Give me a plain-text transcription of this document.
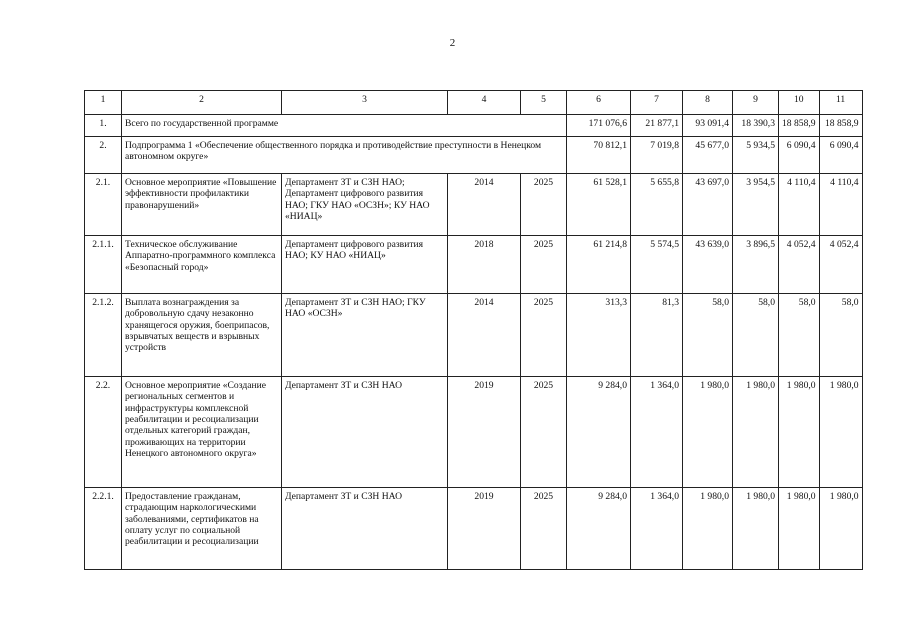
2
1	2	3	4	5	6	7	8	9	10	11
1.	Всего по государственной программе				171 076,6	21 877,1	93 091,4	18 390,3	18 858,9	18 858,9
2.	Подпрограмма 1 «Обеспечение общественного порядка и противодействие преступности в Ненецком автономном округе»				70 812,1	7 019,8	45 677,0	5 934,5	6 090,4	6 090,4
2.1.	Основное мероприятие «Повышение эффективности профилактики правонарушений»	Департамент ЗТ и СЗН НАО; Департамент цифрового развития НАО; ГКУ НАО «ОСЗН»; КУ НАО «НИАЦ»	2014	2025	61 528,1	5 655,8	43 697,0	3 954,5	4 110,4	4 110,4
2.1.1.	Техническое обслуживание Аппаратно-программного комплекса «Безопасный город»	Департамент цифрового развития НАО; КУ НАО «НИАЦ»	2018	2025	61 214,8	5 574,5	43 639,0	3 896,5	4 052,4	4 052,4
2.1.2.	Выплата вознаграждения за добровольную сдачу незаконно хранящегося оружия, боеприпасов, взрывчатых веществ и взрывных устройств	Департамент ЗТ и СЗН НАО; ГКУ НАО «ОСЗН»	2014	2025	313,3	81,3	58,0	58,0	58,0	58,0
2.2.	Основное мероприятие «Создание региональных сегментов и инфраструктуры комплексной реабилитации и ресоциализации отдельных категорий граждан, проживающих на территории Ненецкого автономного округа»	Департамент ЗТ и СЗН НАО	2019	2025	9 284,0	1 364,0	1 980,0	1 980,0	1 980,0	1 980,0
2.2.1.	Предоставление гражданам, страдающим наркологическими заболеваниями, сертификатов на оплату услуг по социальной реабилитации и ресоциализации	Департамент ЗТ и СЗН НАО	2019	2025	9 284,0	1 364,0	1 980,0	1 980,0	1 980,0	1 980,0
